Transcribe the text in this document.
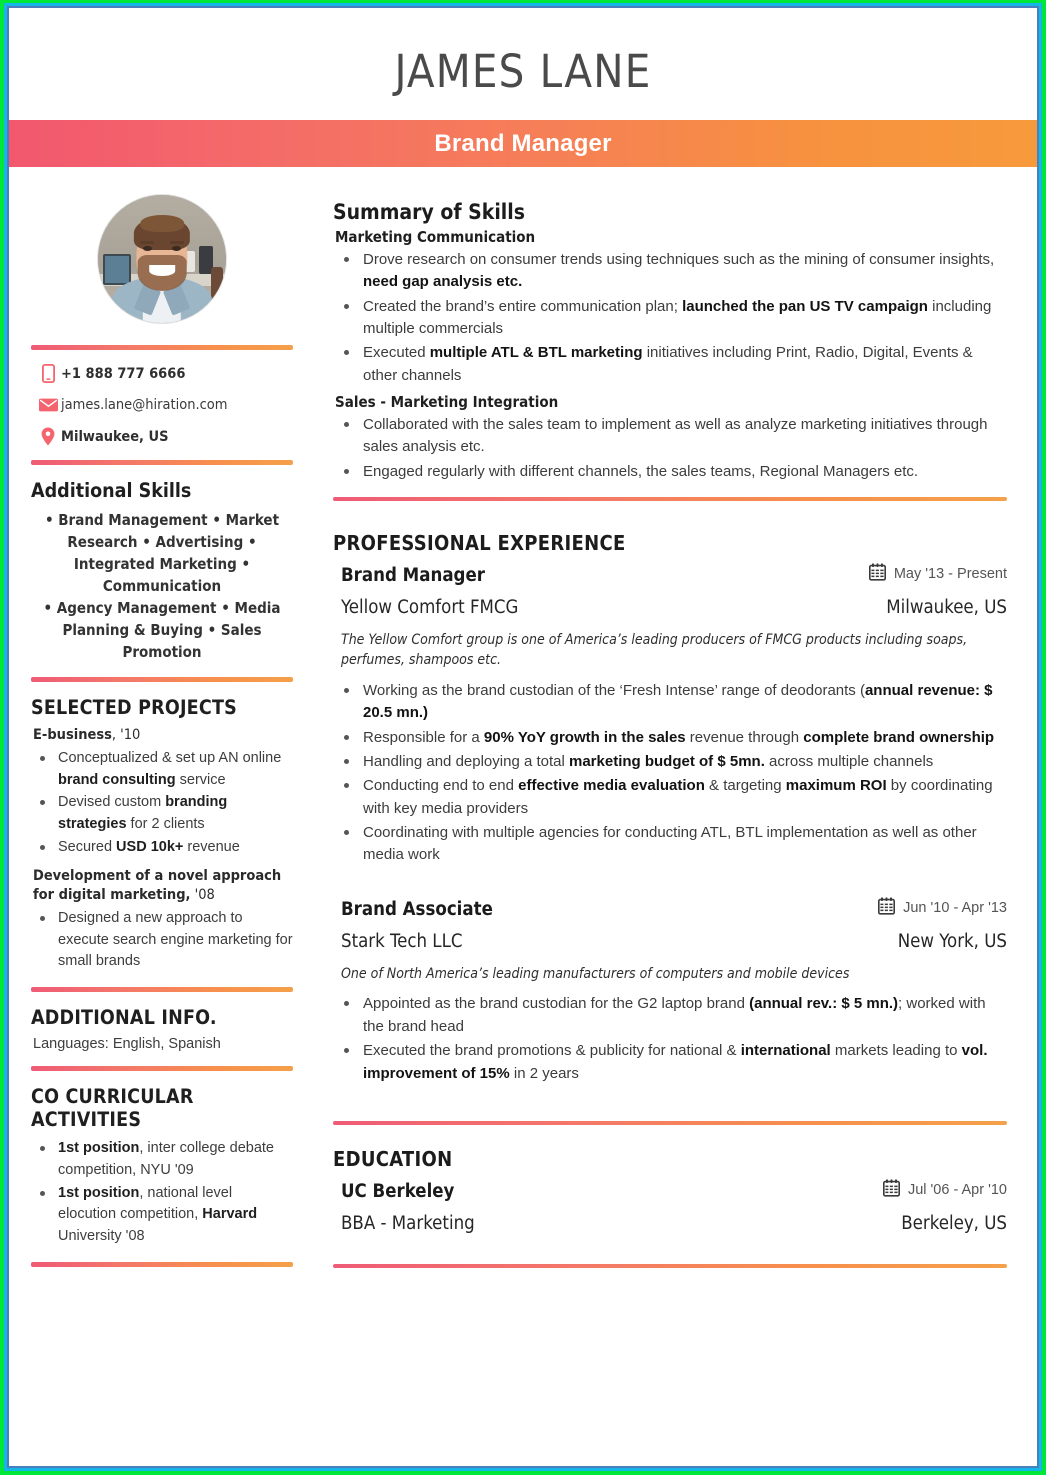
JAMES LANE
Brand Manager
+1 888 777 6666
james.lane@hiration.com
Milwaukee, US
Additional Skills
• Brand Management • Market Research • Advertising • Integrated Marketing • Communication
• Agency Management • Media Planning & Buying • Sales Promotion
SELECTED PROJECTS
E-business, '10
Conceptualized & set up AN online brand consulting service
Devised custom branding strategies for 2 clients
Secured USD 10k+ revenue
Development of a novel approach for digital marketing, '08
Designed a new approach to execute search engine marketing for small brands
ADDITIONAL INFO.
Languages: English, Spanish
CO CURRICULAR ACTIVITIES
1st position, inter college debate competition, NYU '09
1st position, national level elocution competition, Harvard University '08
Summary of Skills
Marketing Communication
Drove research on consumer trends using techniques such as the mining of consumer insights, need gap analysis etc.
Created the brand’s entire communication plan; launched the pan US TV campaign including multiple commercials
Executed multiple ATL & BTL marketing initiatives including Print, Radio, Digital, Events & other channels
Sales - Marketing Integration
Collaborated with the sales team to implement as well as analyze marketing initiatives through sales analysis etc.
Engaged regularly with different channels, the sales teams, Regional Managers etc.
PROFESSIONAL EXPERIENCE
Brand Manager	May '13 - Present
Yellow Comfort FMCG	Milwaukee, US
The Yellow Comfort group is one of America’s leading producers of FMCG products including soaps, perfumes, shampoos etc.
Working as the brand custodian of the ‘Fresh Intense’ range of deodorants (annual revenue: $ 20.5 mn.)
Responsible for a 90% YoY growth in the sales revenue through complete brand ownership
Handling and deploying a total marketing budget of $ 5mn. across multiple channels
Conducting end to end effective media evaluation & targeting maximum ROI by coordinating with key media providers
Coordinating with multiple agencies for conducting ATL, BTL implementation as well as other media work
Brand Associate	Jun '10 - Apr '13
Stark Tech LLC	New York, US
One of North America’s leading manufacturers of computers and mobile devices
Appointed as the brand custodian for the G2 laptop brand (annual rev.: $ 5 mn.); worked with the brand head
Executed the brand promotions & publicity for national & international markets leading to vol. improvement of 15% in 2 years
EDUCATION
UC Berkeley	Jul '06 - Apr '10
BBA - Marketing	Berkeley, US
